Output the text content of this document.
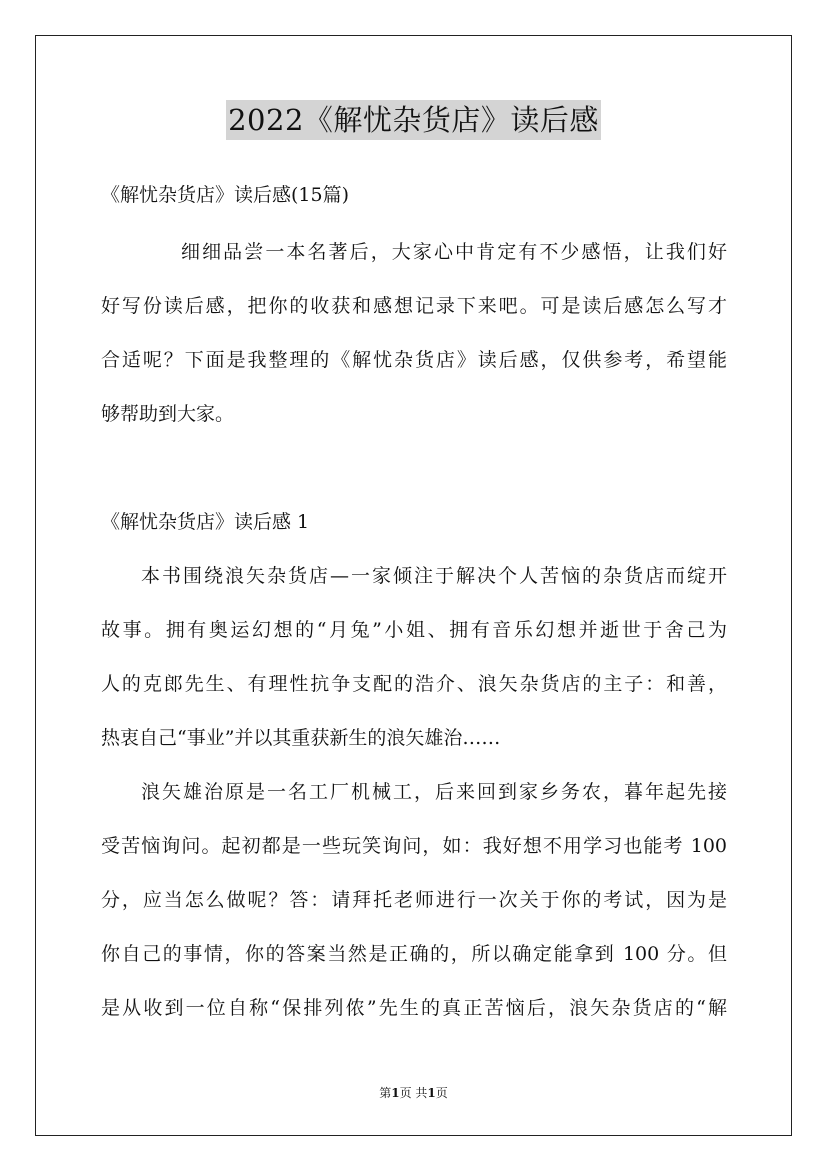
2022《解忧杂货店》读后感
《解忧杂货店》读后感(15篇)
细细品尝一本名著后，大家心中肯定有不少感悟，让我们好
好写份读后感，把你的收获和感想记录下来吧。可是读后感怎么写才
合适呢？下面是我整理的《解忧杂货店》读后感，仅供参考，希望能
够帮助到大家。
《解忧杂货店》读后感 1
本书围绕浪矢杂货店—一家倾注于解决个人苦恼的杂货店而绽开
故事。拥有奥运幻想的“月兔”小姐、拥有音乐幻想并逝世于舍己为
人的克郎先生、有理性抗争支配的浩介、浪矢杂货店的主子：和善，
热衷自己“事业”并以其重获新生的浪矢雄治……
浪矢雄治原是一名工厂机械工，后来回到家乡务农，暮年起先接
受苦恼询问。起初都是一些玩笑询问，如：我好想不用学习也能考 100
分，应当怎么做呢？答：请拜托老师进行一次关于你的考试，因为是
你自己的事情，你的答案当然是正确的，所以确定能拿到 100 分。但
是从收到一位自称“保排列侬”先生的真正苦恼后，浪矢杂货店的“解
第1页 共1页
